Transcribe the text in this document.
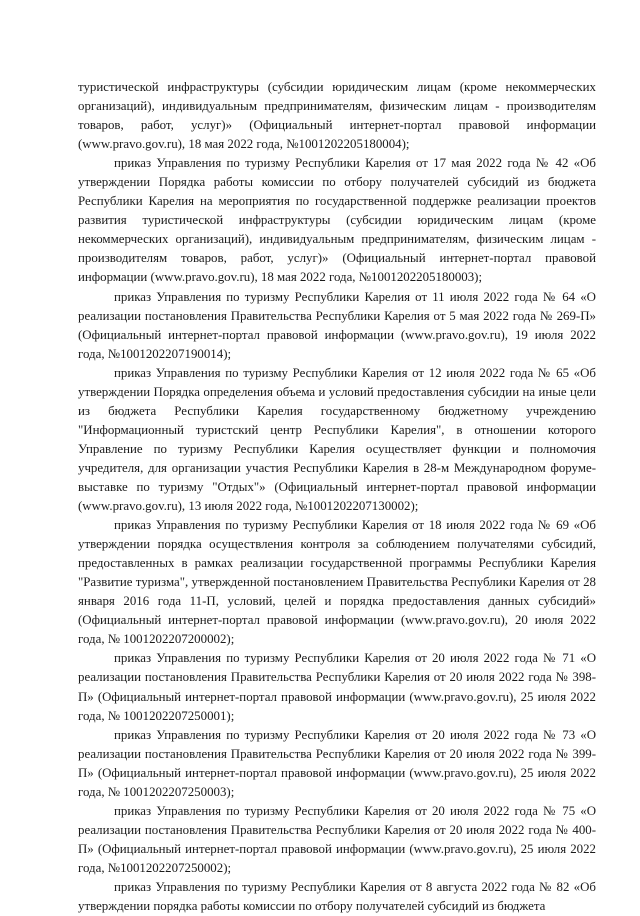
туристической инфраструктуры (субсидии юридическим лицам (кроме некоммерческих организаций), индивидуальным предпринимателям, физическим лицам - производителям товаров, работ, услуг)» (Официальный интернет-портал правовой информации (www.pravo.gov.ru), 18 мая 2022 года, №1001202205180004);

приказ Управления по туризму Республики Карелия от 17 мая 2022 года № 42 «Об утверждении Порядка работы комиссии по отбору получателей субсидий из бюджета Республики Карелия на мероприятия по государственной поддержке реализации проектов развития туристической инфраструктуры (субсидии юридическим лицам (кроме некоммерческих организаций), индивидуальным предпринимателям, физическим лицам - производителям товаров, работ, услуг)» (Официальный интернет-портал правовой информации (www.pravo.gov.ru), 18 мая 2022 года, №1001202205180003);

приказ Управления по туризму Республики Карелия от 11 июля 2022 года № 64 «О реализации постановления Правительства Республики Карелия от 5 мая 2022 года № 269-П» (Официальный интернет-портал правовой информации (www.pravo.gov.ru), 19 июля 2022 года, №1001202207190014);

приказ Управления по туризму Республики Карелия от 12 июля 2022 года № 65 «Об утверждении Порядка определения объема и условий предоставления субсидии на иные цели из бюджета Республики Карелия государственному бюджетному учреждению "Информационный туристский центр Республики Карелия", в отношении которого Управление по туризму Республики Карелия осуществляет функции и полномочия учредителя, для организации участия Республики Карелия в 28-м Международном форуме-выставке по туризму "Отдых"» (Официальный интернет-портал правовой информации (www.pravo.gov.ru), 13 июля 2022 года, №1001202207130002);

приказ Управления по туризму Республики Карелия от 18 июля 2022 года № 69 «Об утверждении порядка осуществления контроля за соблюдением получателями субсидий, предоставленных в рамках реализации государственной программы Республики Карелия "Развитие туризма", утвержденной постановлением Правительства Республики Карелия от 28 января 2016 года 11-П, условий, целей и порядка предоставления данных субсидий» (Официальный интернет-портал правовой информации (www.pravo.gov.ru), 20 июля 2022 года, № 1001202207200002);

приказ Управления по туризму Республики Карелия от 20 июля 2022 года № 71 «О реализации постановления Правительства Республики Карелия от 20 июля 2022 года № 398-П» (Официальный интернет-портал правовой информации (www.pravo.gov.ru), 25 июля 2022 года, № 1001202207250001);

приказ Управления по туризму Республики Карелия от 20 июля 2022 года № 73 «О реализации постановления Правительства Республики Карелия от 20 июля 2022 года № 399-П» (Официальный интернет-портал правовой информации (www.pravo.gov.ru), 25 июля 2022 года, № 1001202207250003);

приказ Управления по туризму Республики Карелия от 20 июля 2022 года № 75 «О реализации постановления Правительства Республики Карелия от 20 июля 2022 года № 400-П» (Официальный интернет-портал правовой информации (www.pravo.gov.ru), 25 июля 2022 года, №1001202207250002);

приказ Управления по туризму Республики Карелия от 8 августа 2022 года № 82 «Об утверждении порядка работы комиссии по отбору получателей субсидий из бюджета
